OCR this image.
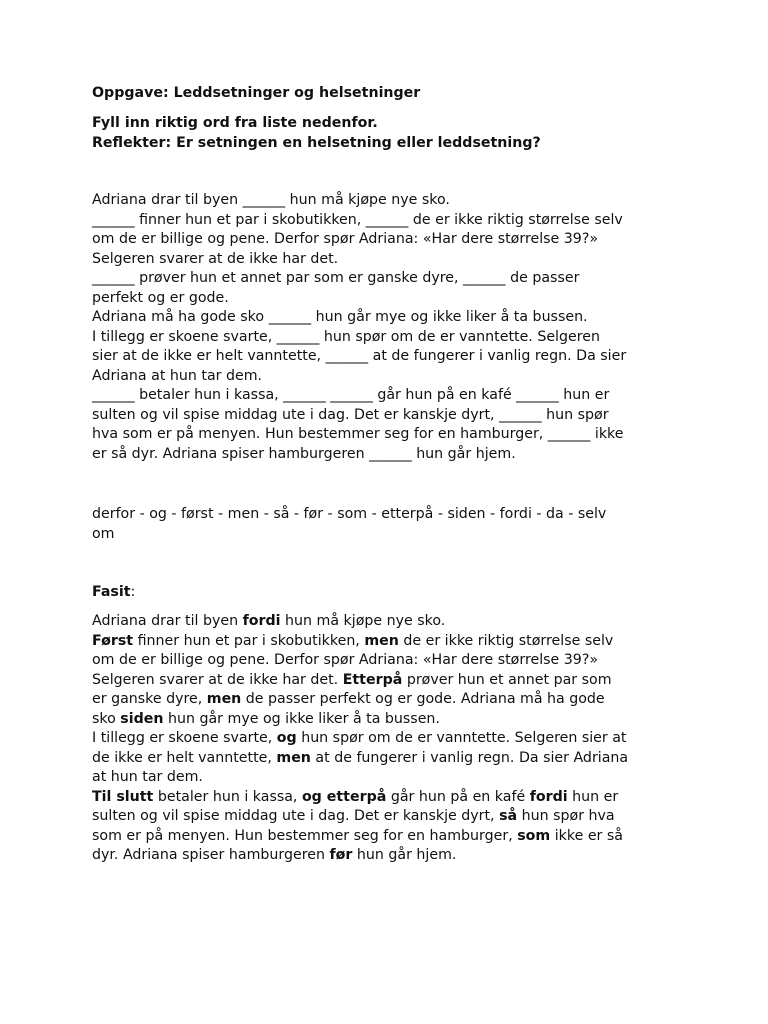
Oppgave: Leddsetninger og helsetninger
Fyll inn riktig ord fra liste nedenfor.
Reflekter: Er setningen en helsetning eller leddsetning?
Adriana drar til byen ______ hun må kjøpe nye sko.
______ finner hun et par i skobutikken, ______ de er ikke riktig størrelse selv
om de er billige og pene. Derfor spør Adriana: «Har dere størrelse 39?»
Selgeren svarer at de ikke har det.
______ prøver hun et annet par som er ganske dyre, ______ de passer
perfekt og er gode.
Adriana må ha gode sko ______ hun går mye og ikke liker å ta bussen.
I tillegg er skoene svarte, ______ hun spør om de er vanntette. Selgeren
sier at de ikke er helt vanntette, ______ at de fungerer i vanlig regn. Da sier
Adriana at hun tar dem.
______ betaler hun i kassa, ______ ______ går hun på en kafé ______ hun er
sulten og vil spise middag ute i dag. Det er kanskje dyrt, ______ hun spør
hva som er på menyen. Hun bestemmer seg for en hamburger, ______ ikke
er så dyr. Adriana spiser hamburgeren ______ hun går hjem.
derfor - og - først - men - så - før - som - etterpå - siden - fordi - da - selv
om
Fasit:
Adriana drar til byen fordi hun må kjøpe nye sko.
Først finner hun et par i skobutikken, men de er ikke riktig størrelse selv
om de er billige og pene. Derfor spør Adriana: «Har dere størrelse 39?»
Selgeren svarer at de ikke har det. Etterpå prøver hun et annet par som
er ganske dyre, men de passer perfekt og er gode. Adriana må ha gode
sko siden hun går mye og ikke liker å ta bussen.
I tillegg er skoene svarte, og hun spør om de er vanntette. Selgeren sier at
de ikke er helt vanntette, men at de fungerer i vanlig regn. Da sier Adriana
at hun tar dem.
Til slutt betaler hun i kassa, og etterpå går hun på en kafé fordi hun er
sulten og vil spise middag ute i dag. Det er kanskje dyrt, så hun spør hva
som er på menyen. Hun bestemmer seg for en hamburger, som ikke er så
dyr. Adriana spiser hamburgeren før hun går hjem.
